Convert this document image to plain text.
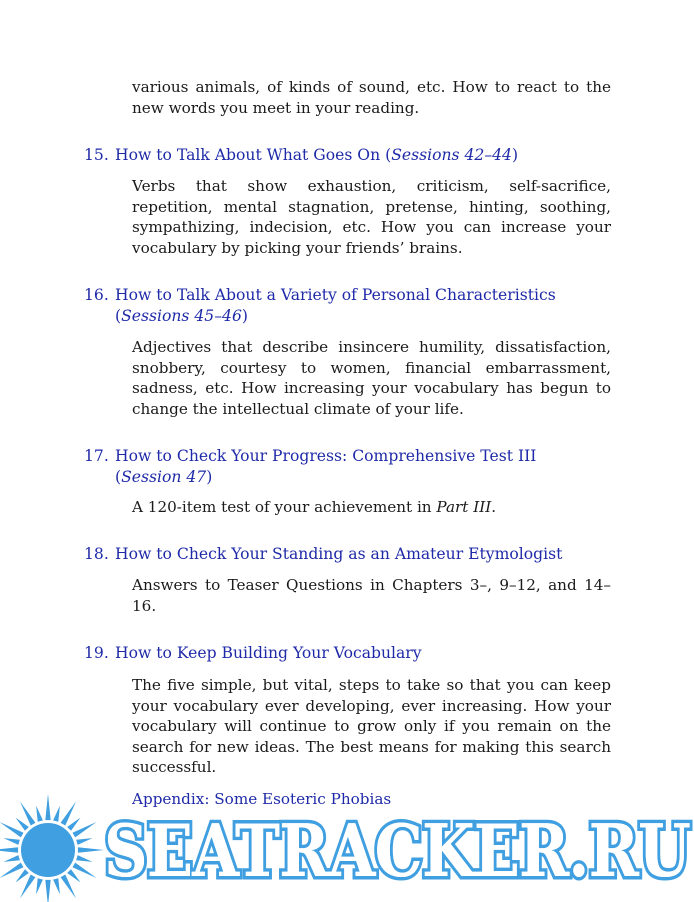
various animals, of kinds of sound, etc. How to react to the new words you meet in your reading.

15. How to Talk About What Goes On (Sessions 42–44)

Verbs that show exhaustion, criticism, self-sacrifice, repetition, mental stagnation, pretense, hinting, soothing, sympathizing, indecision, etc. How you can increase your vocabulary by picking your friends’ brains.

16. How to Talk About a Variety of Personal Characteristics
(Sessions 45–46)

Adjectives that describe insincere humility, dissatisfaction, snobbery, courtesy to women, financial embarrassment, sadness, etc. How increasing your vocabulary has begun to change the intellectual climate of your life.

17. How to Check Your Progress: Comprehensive Test III
(Session 47)

A 120-item test of your achievement in Part III.

18. How to Check Your Standing as an Amateur Etymologist

Answers to Teaser Questions in Chapters 3–, 9–12, and 14–16.

19. How to Keep Building Your Vocabulary

The five simple, but vital, steps to take so that you can keep your vocabulary ever developing, ever increasing. How your vocabulary will continue to grow only if you remain on the search for new ideas. The best means for making this search successful.

Appendix: Some Esoteric Phobias
SEATRACKER.RU
SEATRACKER.RU
